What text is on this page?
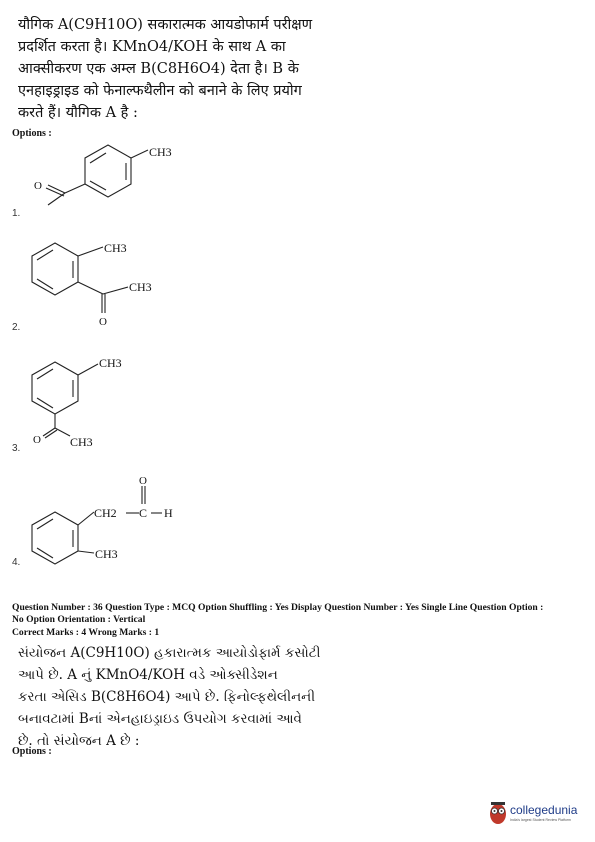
यौगिक A(C9H10O) सकारात्मक आयडोफार्म परीक्षण
प्रदर्शित करता है। KMnO4/KOH के साथ A का
आक्सीकरण एक अम्ल B(C8H6O4) देता है। B के
एनहाइड्राइड को फेनाल्फथैलीन को बनाने के लिए प्रयोग
करते हैं। यौगिक A है :
Options :
CH3
O
CH3
CH3
O
CH3
O CH3
CH2
O
C H
CH3
1.
2.
3.
4.
Question Number : 36 Question Type : MCQ Option Shuffling : Yes Display Question Number : Yes Single Line Question Option :
No Option Orientation : Vertical
Correct Marks : 4 Wrong Marks : 1
સંયોજન A(C9H10O) હકારાત્મક આયોડોફાર્મ કસોટી
આપે છે. A નું KMnO4/KOH વડે ઓક્સીડેશન
કરતા એસિડ B(C8H6O4) આપે છે. ફિનોલ્ફથેલીનની
બનાવટામાં Bનાં એનહાઇડ્રાઇડ ઉપયોગ કરવામાં આવે
છે. તો સંયોજન A છે :
Options :
collegedunia
India's largest Student Review Platform
